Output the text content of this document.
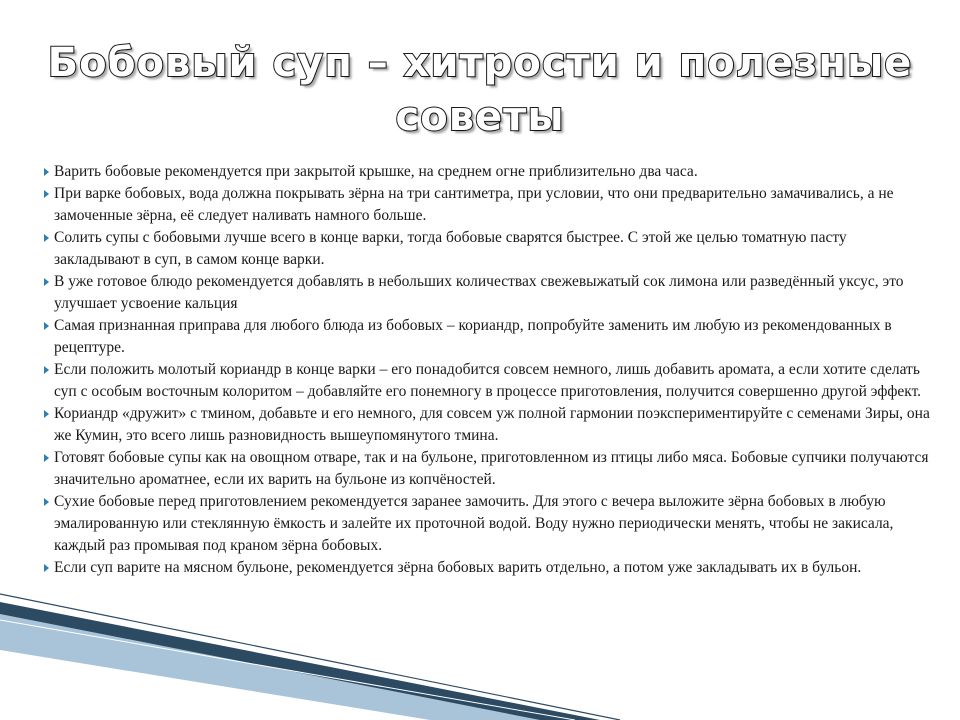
Бобовый суп – хитрости и полезные советы
Варить бобовые рекомендуется при закрытой крышке, на среднем огне приблизительно два часа.
При варке бобовых, вода должна покрывать зёрна на три сантиметра, при условии, что они предварительно замачивались, а не замоченные зёрна, её следует наливать намного больше.
Солить супы с бобовыми лучше всего в конце варки, тогда бобовые сварятся быстрее. С этой же целью томатную пасту закладывают в суп, в самом конце варки.
В уже готовое блюдо рекомендуется добавлять в небольших количествах свежевыжатый сок лимона или разведённый уксус, это улучшает усвоение кальция
Самая признанная приправа для любого блюда из бобовых – кориандр, попробуйте заменить им любую из рекомендованных в рецептуре.
Если положить молотый кориандр в конце варки – его понадобится совсем немного, лишь добавить аромата, а если хотите сделать суп с особым восточным колоритом – добавляйте его понемногу в процессе приготовления, получится совершенно другой эффект.
Кориандр «дружит» с тмином, добавьте и его немного, для совсем уж полной гармонии поэкспериментируйте с семенами Зиры, она же Кумин, это всего лишь разновидность вышеупомянутого тмина.
Готовят бобовые супы как на овощном отваре, так и на бульоне, приготовленном из птицы либо мяса. Бобовые супчики получаются значительно ароматнее, если их варить на бульоне из копчёностей.
Сухие бобовые перед приготовлением рекомендуется заранее замочить. Для этого с вечера выложите зёрна бобовых в любую эмалированную или стеклянную ёмкость и залейте их проточной водой. Воду нужно периодически менять, чтобы не закисала, каждый раз промывая под краном зёрна бобовых.
Если суп варите на мясном бульоне, рекомендуется зёрна бобовых варить отдельно, а потом уже закладывать их в бульон.
